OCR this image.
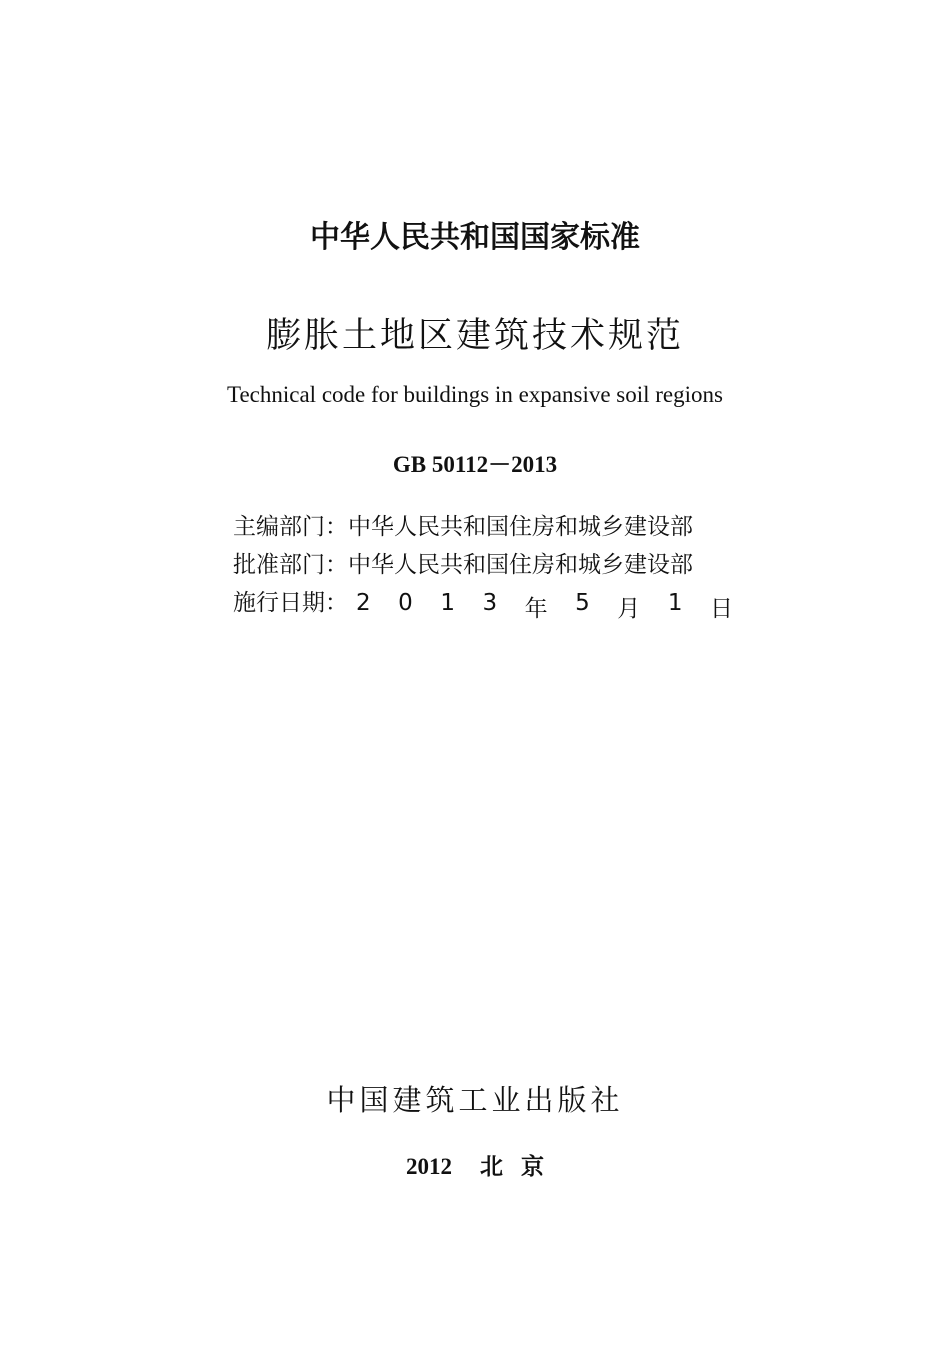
中华人民共和国国家标准
膨胀土地区建筑技术规范
Technical code for buildings in expansive soil regions
GB 50112－2013
主编部门：中华人民共和国住房和城乡建设部
批准部门：中华人民共和国住房和城乡建设部
施行日期： 2 0 1 3 年 5 月 1 日
中国建筑工业出版社
2012 北 京
